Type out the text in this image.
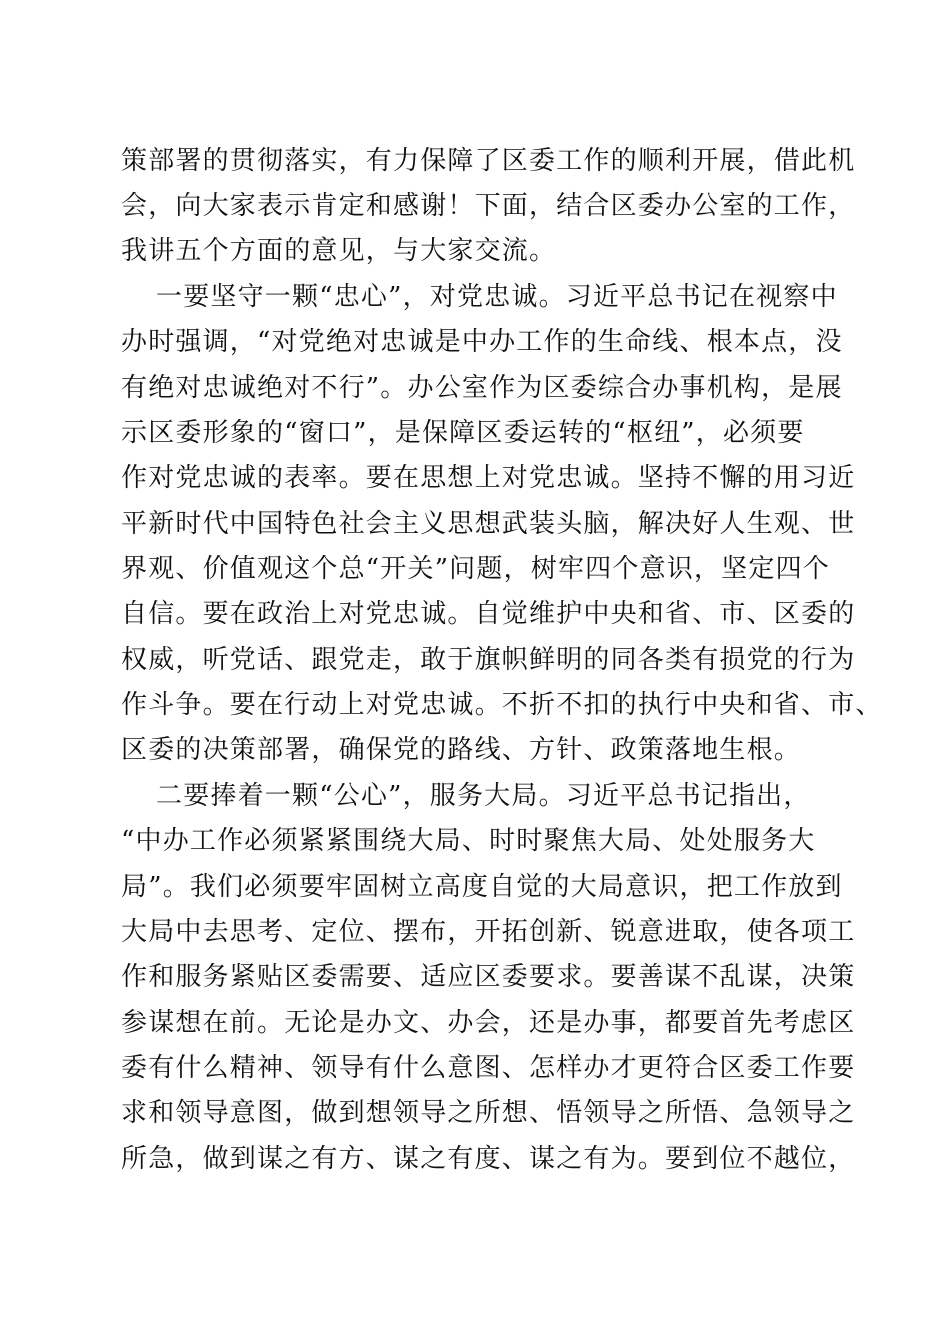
策部署的贯彻落实，有力保障了区委工作的顺利开展，借此机
会，向大家表示肯定和感谢！下面，结合区委办公室的工作，
我讲五个方面的意见，与大家交流。
一要坚守一颗“忠心”，对党忠诚。习近平总书记在视察中
办时强调，“对党绝对忠诚是中办工作的生命线、根本点，没
有绝对忠诚绝对不行”。办公室作为区委综合办事机构，是展
示区委形象的“窗口”，是保障区委运转的“枢纽”，必须要
作对党忠诚的表率。要在思想上对党忠诚。坚持不懈的用习近
平新时代中国特色社会主义思想武装头脑，解决好人生观、世
界观、价值观这个总“开关”问题，树牢四个意识，坚定四个
自信。要在政治上对党忠诚。自觉维护中央和省、市、区委的
权威，听党话、跟党走，敢于旗帜鲜明的同各类有损党的行为
作斗争。要在行动上对党忠诚。不折不扣的执行中央和省、市、
区委的决策部署，确保党的路线、方针、政策落地生根。
二要捧着一颗“公心”，服务大局。习近平总书记指出，
“中办工作必须紧紧围绕大局、时时聚焦大局、处处服务大
局”。我们必须要牢固树立高度自觉的大局意识，把工作放到
大局中去思考、定位、摆布，开拓创新、锐意进取，使各项工
作和服务紧贴区委需要、适应区委要求。要善谋不乱谋，决策
参谋想在前。无论是办文、办会，还是办事，都要首先考虑区
委有什么精神、领导有什么意图、怎样办才更符合区委工作要
求和领导意图，做到想领导之所想、悟领导之所悟、急领导之
所急，做到谋之有方、谋之有度、谋之有为。要到位不越位，
